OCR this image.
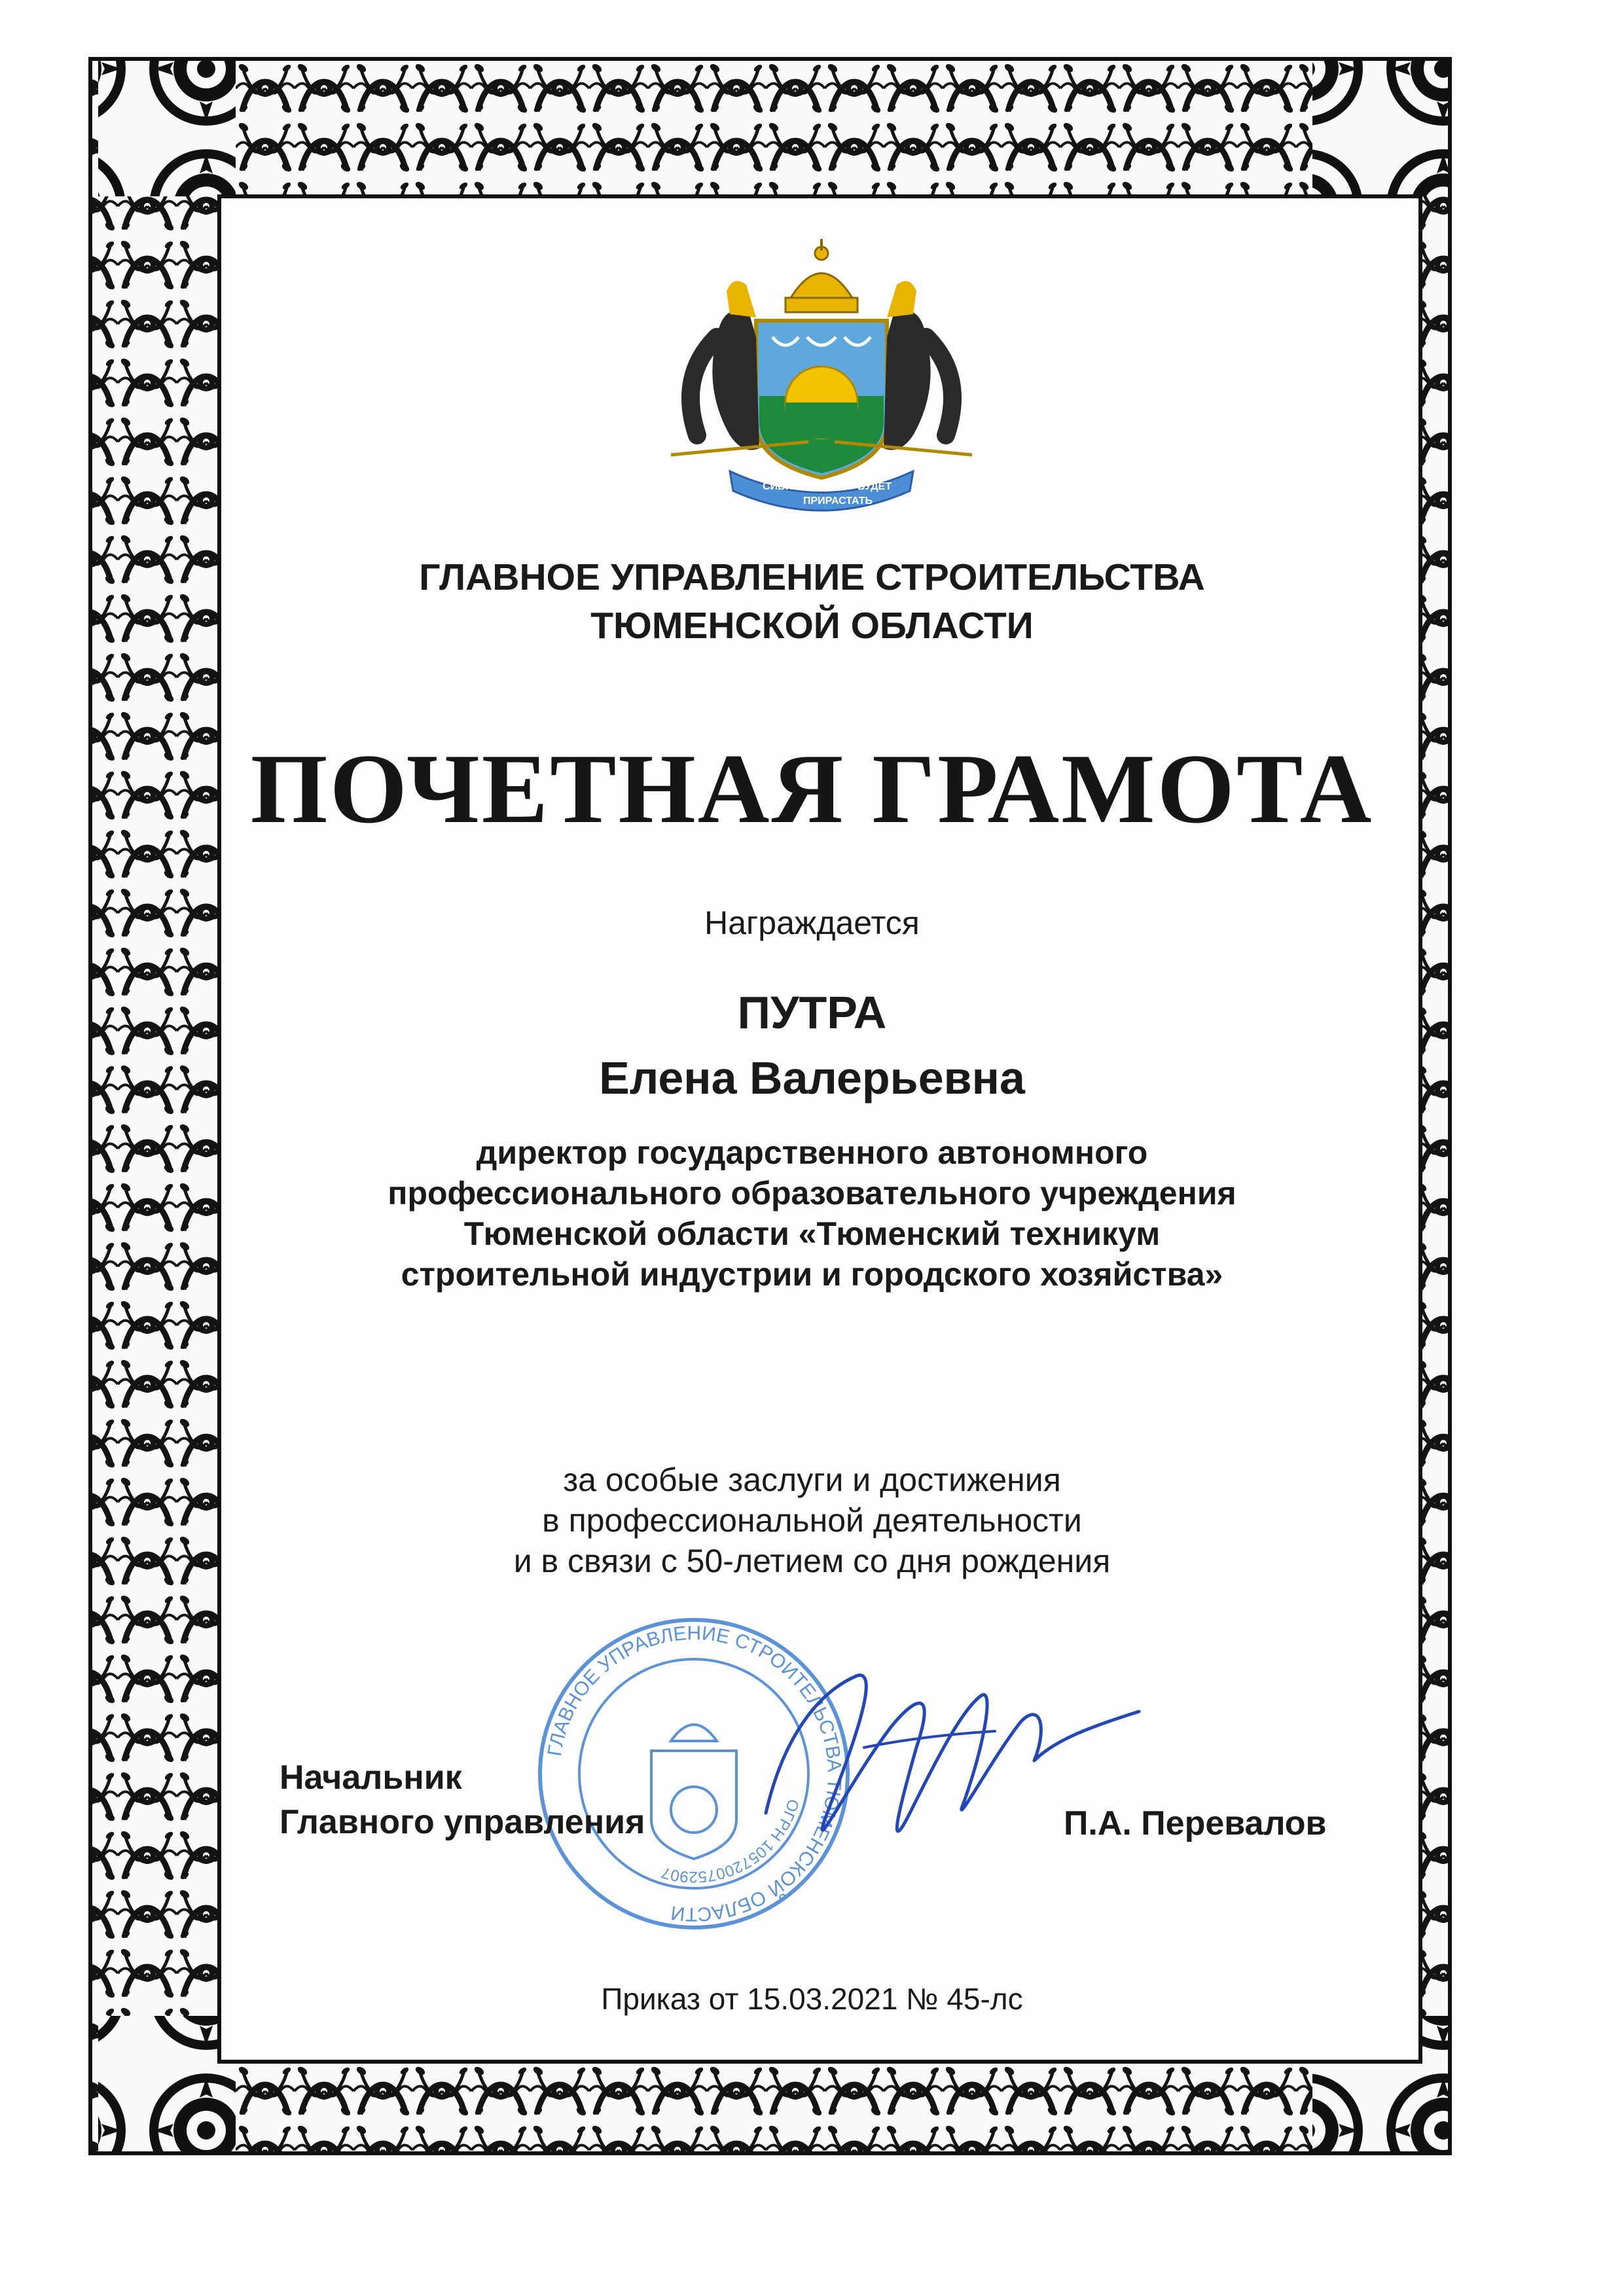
СИБИРЬЮ
ПРИРАСТАТЬ
БУДЕТ

ГЛАВНОЕ УПРАВЛЕНИЕ СТРОИТЕЛЬСТВА
ТЮМЕНСКОЙ ОБЛАСТИ

ПОЧЕТНАЯ ГРАМОТА

Награждается

ПУТРА

Елена Валерьевна

директор государственного автономного
профессионального образовательного учреждения
Тюменской области «Тюменский техникум
строительной индустрии и городского хозяйства»

за особые заслуги и достижения
в профессиональной деятельности
и в связи с 50-летием со дня рождения

ГЛАВНОЕ УПРАВЛЕНИЕ СТРОИТЕЛЬСТВА ТЮМЕНСКОЙ ОБЛАСТИ
ОГРН 1057200752907

Начальник
Главного управления	П.А. Перевалов

Приказ от 15.03.2021 № 45-лс
